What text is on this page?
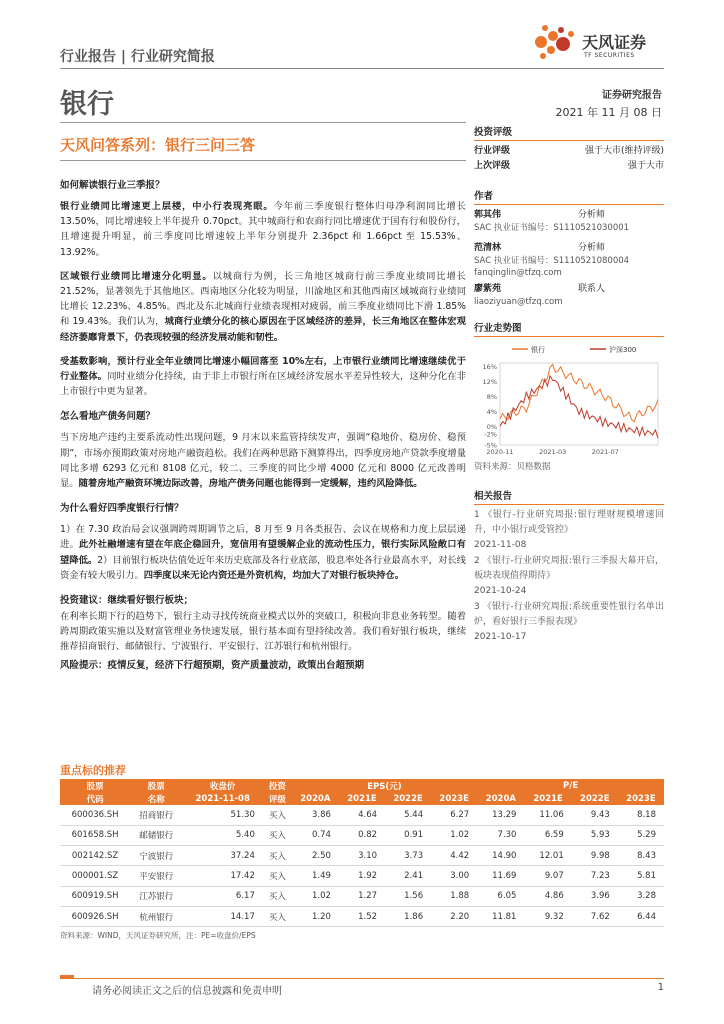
行业报告 | 行业研究简报
天风证券
TF SECURITIES
银行	证券研究报告
2021 年 11 月 08 日
天风问答系列：银行三问三答
如何解读银行业三季报？
银行业绩同比增速更上层楼，中小行表现亮眼。今年前三季度银行整体归母净利润同比增长 13.50%，同比增速较上半年提升 0.70pct。其中城商行和农商行同比增速优于国有行和股份行，且增速提升明显，前三季度同比增速较上半年分别提升 2.36pct 和 1.66pct 至 15.53%、13.92%。
区域银行业绩同比增速分化明显。以城商行为例，长三角地区城商行前三季度业绩同比增长 21.52%，显著领先于其他地区。西南地区分化较为明显，川渝地区和其他西南区域城商行业绩同比增长 12.23%、4.85%。西北及东北城商行业绩表现相对疲弱，前三季度业绩同比下滑 1.85%和 19.43%。我们认为，城商行业绩分化的核心原因在于区域经济的差异，长三角地区在整体宏观经济萎靡背景下，仍表现较强的经济发展动能和韧性。
受基数影响，预计行业全年业绩同比增速小幅回落至 10%左右，上市银行业绩同比增速继续优于行业整体。同时业绩分化持续，由于非上市银行所在区域经济发展水平差异性较大，这种分化在非上市银行中更为显著。
怎么看地产债务问题？
当下房地产违约主要系流动性出现问题，9 月末以来监管持续发声，强调“稳地价、稳房价、稳预期”，市场亦预期政策对房地产融资趋松。我们在两种思路下测算得出，四季度房地产贷款季度增量同比多增 6293 亿元和 8108 亿元，较二、三季度的同比少增 4000 亿元和 8000 亿元改善明显。随着房地产融资环境边际改善，房地产债务问题也能得到一定缓解，违约风险降低。
为什么看好四季度银行行情？
1）在 7.30 政治局会议强调跨周期调节之后，8 月至 9 月各类报告、会议在规格和力度上层层递进。此外社融增速有望在年底企稳回升，宽信用有望缓解企业的流动性压力，银行实际风险敞口有望降低。2）目前银行板块估值处近年来历史底部及各行业底部，股息率处各行业最高水平，对长线资金有较大吸引力。四季度以来无论内资还是外资机构，均加大了对银行板块持仓。
投资建议：继续看好银行板块；
在利率长期下行的趋势下，银行主动寻找传统商业模式以外的突破口，积极向非息业务转型。随着跨周期政策实施以及财富管理业务快速发展，银行基本面有望持续改善。我们看好银行板块，继续推荐招商银行、邮储银行、宁波银行、平安银行、江苏银行和杭州银行。
风险提示：疫情反复，经济下行超预期，资产质量波动，政策出台超预期
投资评级
行业评级	强于大市(维持评级)
上次评级	强于大市
作者
郭其伟	分析师
SAC 执业证书编号：S1110521030001
范清林	分析师
SAC 执业证书编号：S1110521080004
fanqinglin@tfzq.com
廖紫苑	联系人
liaoziyuan@tfzq.com
行业走势图
16%
12%
8%
4%
0%
-2%
-5%
2020-11	2021-03	2021-07
银行	沪深300
资料来源：贝格数据
相关报告
1 《银行-行业研究周报:银行理财规模增速回升，中小银行或受管控》
2021-11-08
2 《银行-行业研究周报:银行三季报大幕开启，板块表现值得期待》
2021-10-24
3 《银行-行业研究周报:系统重要性银行名单出炉，看好银行三季报表现》
2021-10-17
重点标的推荐
股票	股票	收盘价	投资	EPS(元)				P/E			
代码	名称	2021-11-08	评级	2020A	2021E	2022E	2023E	2020A	2021E	2022E	2023E
600036.SH	招商银行	51.30	买入	3.86	4.64	5.44	6.27	13.29	11.06	9.43	8.18
601658.SH	邮储银行	5.40	买入	0.74	0.82	0.91	1.02	7.30	6.59	5.93	5.29
002142.SZ	宁波银行	37.24	买入	2.50	3.10	3.73	4.42	14.90	12.01	9.98	8.43
000001.SZ	平安银行	17.42	买入	1.49	1.92	2.41	3.00	11.69	9.07	7.23	5.81
600919.SH	江苏银行	6.17	买入	1.02	1.27	1.56	1.88	6.05	4.86	3.96	3.28
600926.SH	杭州银行	14.17	买入	1.20	1.52	1.86	2.20	11.81	9.32	7.62	6.44
资料来源：WIND，天风证券研究所，注：PE=收盘价/EPS
请务必阅读正文之后的信息披露和免责申明	1
